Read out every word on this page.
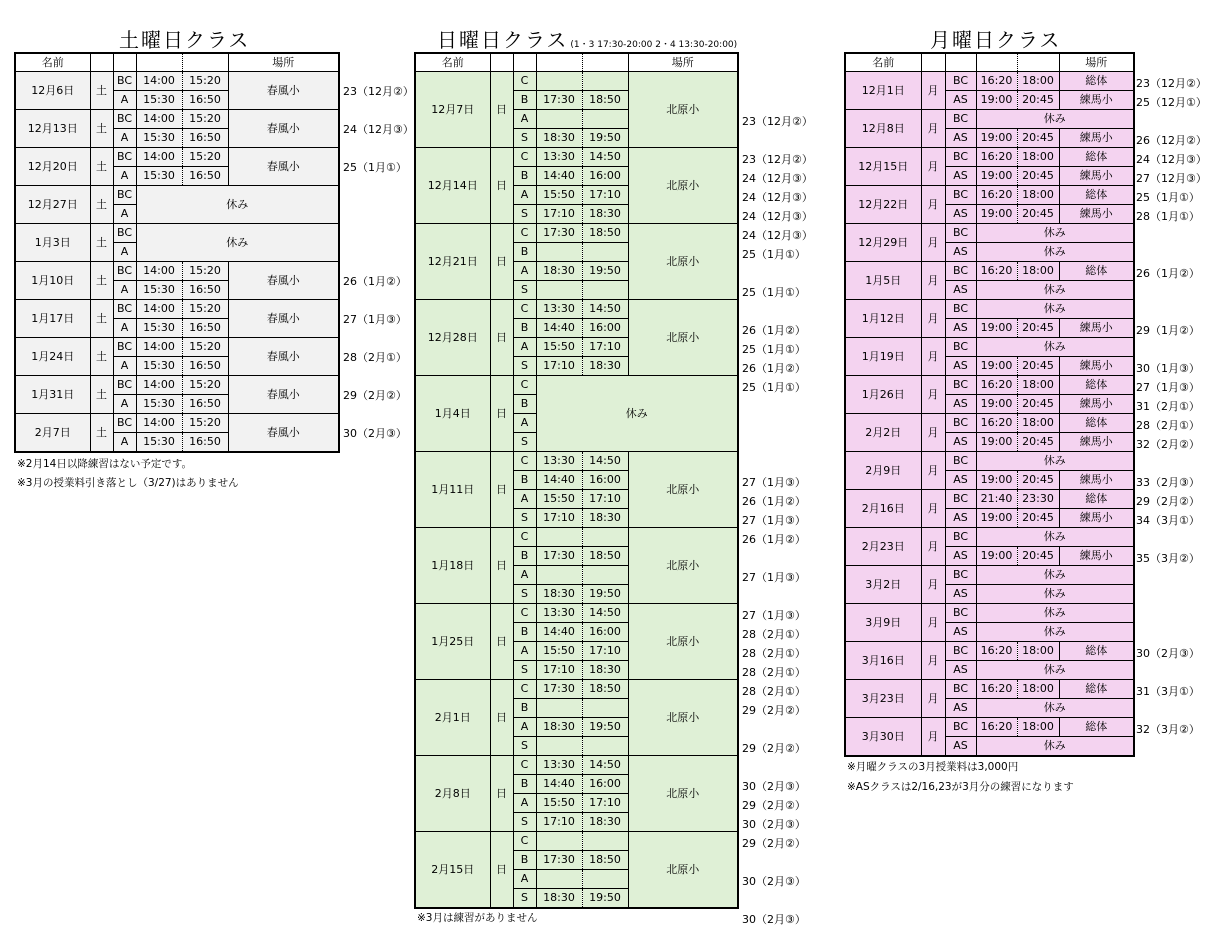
土曜日クラス	日曜日クラス (1・3 17:30-20:00 2・4 13:30-20:00)	月曜日クラス
名前					場所
12月6日	土	BC	14:00	15:20	春風小
		A	15:30	16:50	
12月13日	土	BC	14:00	15:20	春風小
		A	15:30	16:50	
12月20日	土	BC	14:00	15:20	春風小
		A	15:30	16:50	
12月27日	土	BC	休み		
		A			
1月3日	土	BC	休み		
		A			
1月10日	土	BC	14:00	15:20	春風小
		A	15:30	16:50	
1月17日	土	BC	14:00	15:20	春風小
		A	15:30	16:50	
1月24日	土	BC	14:00	15:20	春風小
		A	15:30	16:50	
1月31日	土	BC	14:00	15:20	春風小
		A	15:30	16:50	
2月7日	土	BC	14:00	15:20	春風小
		A	15:30	16:50	
23（12月②）
24（12月③）
25（1月①）
26（1月②）
27（1月③）
28（2月①）
29（2月②）
30（2月③）
※2月14日以降練習はない予定です。
※3月の授業料引き落とし（3/27)はありません
名前					場所
12月7日	日	C			北原小
		B	17:30	18:50	
		A			
		S	18:30	19:50	
12月14日	日	C	13:30	14:50	北原小
		B	14:40	16:00	
		A	15:50	17:10	
		S	17:10	18:30	
12月21日	日	C	17:30	18:50	北原小
		B			
		A	18:30	19:50	
		S			
12月28日	日	C	13:30	14:50	北原小
		B	14:40	16:00	
		A	15:50	17:10	
		S	17:10	18:30	
1月4日	日	C	休み		
		B			
		A			
		S			
1月11日	日	C	13:30	14:50	北原小
		B	14:40	16:00	
		A	15:50	17:10	
		S	17:10	18:30	
1月18日	日	C			北原小
		B	17:30	18:50	
		A			
		S	18:30	19:50	
1月25日	日	C	13:30	14:50	北原小
		B	14:40	16:00	
		A	15:50	17:10	
		S	17:10	18:30	
2月1日	日	C	17:30	18:50	北原小
		B			
		A	18:30	19:50	
		S			
2月8日	日	C	13:30	14:50	北原小
		B	14:40	16:00	
		A	15:50	17:10	
		S	17:10	18:30	
2月15日	日	C			北原小
		B	17:30	18:50	
		A			
		S	18:30	19:50	
23（12月②）
23（12月②）
24（12月③）
24（12月③）
24（12月③）
24（12月③）
25（1月①）
25（1月①）
26（1月②）
25（1月①）
26（1月②）
25（1月①）
27（1月③）
26（1月②）
27（1月③）
26（1月②）
27（1月③）
27（1月③）
28（2月①）
28（2月①）
28（2月①）
28（2月①）
29（2月②）
29（2月②）
30（2月③）
29（2月②）
30（2月③）
29（2月②）
30（2月③）
30（2月③）
※3月は練習がありません
名前					場所
12月1日	月	BC	16:20	18:00	総体
		AS	19:00	20:45	練馬小
12月8日	月	BC	休み		
		AS	19:00	20:45	練馬小
12月15日	月	BC	16:20	18:00	総体
		AS	19:00	20:45	練馬小
12月22日	月	BC	16:20	18:00	総体
		AS	19:00	20:45	練馬小
12月29日	月	BC	休み		
		AS	休み		
1月5日	月	BC	16:20	18:00	総体
		AS	休み		
1月12日	月	BC	休み		
		AS	19:00	20:45	練馬小
1月19日	月	BC	休み		
		AS	19:00	20:45	練馬小
1月26日	月	BC	16:20	18:00	総体
		AS	19:00	20:45	練馬小
2月2日	月	BC	16:20	18:00	総体
		AS	19:00	20:45	練馬小
2月9日	月	BC	休み		
		AS	19:00	20:45	練馬小
2月16日	月	BC	21:40	23:30	総体
		AS	19:00	20:45	練馬小
2月23日	月	BC	休み		
		AS	19:00	20:45	練馬小
3月2日	月	BC	休み		
		AS	休み		
3月9日	月	BC	休み		
		AS	休み		
3月16日	月	BC	16:20	18:00	総体
		AS	休み		
3月23日	月	BC	16:20	18:00	総体
		AS	休み		
3月30日	月	BC	16:20	18:00	総体
		AS	休み		
23（12月②）
25（12月①）
26（12月②）
24（12月③）
27（12月③）
25（1月①）
28（1月①）
26（1月②）
29（1月②）
30（1月③）
27（1月③）
31（2月①）
28（2月①）
32（2月②）
33（2月③）
29（2月②）
34（3月①）
35（3月②）
30（2月③）
31（3月①）
32（3月②）
※月曜クラスの3月授業料は3,000円
※ASクラスは2/16,23が3月分の練習になります
